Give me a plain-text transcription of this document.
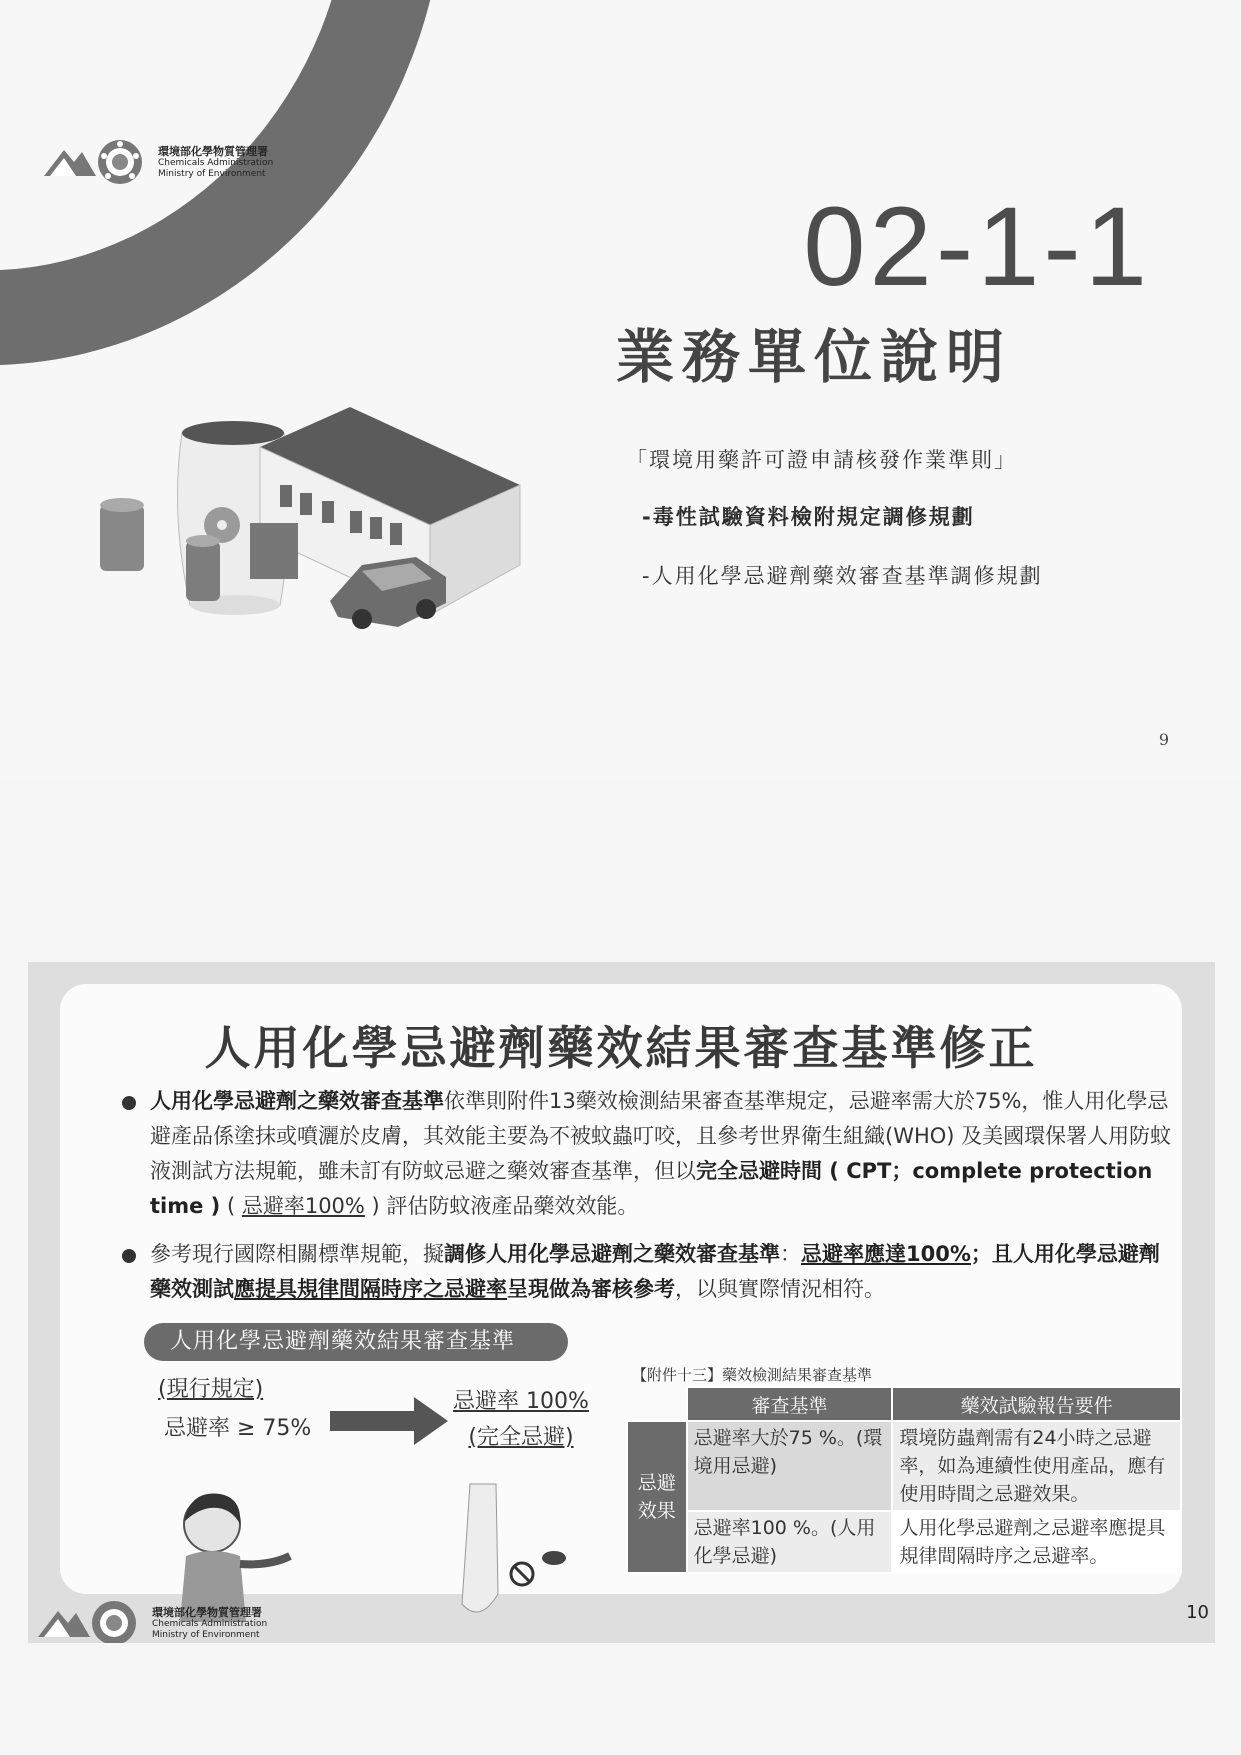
環境部化學物質管理署
Chemicals Administration
Ministry of Environment
02-1-1
業務單位說明
「環境用藥許可證申請核發作業準則」
-毒性試驗資料檢附規定調修規劃
-人用化學忌避劑藥效審查基準調修規劃
9
人用化學忌避劑藥效結果審查基準修正
人用化學忌避劑之藥效審查基準依準則附件13藥效檢測結果審查基準規定，忌避率需大於75%，惟人用化學忌避產品係塗抹或噴灑於皮膚，其效能主要為不被蚊蟲叮咬，且參考世界衛生組織(WHO) 及美國環保署人用防蚊液測試方法規範，雖未訂有防蚊忌避之藥效審查基準，但以完全忌避時間 ( CPT；complete protection time ) ( 忌避率100% ) 評估防蚊液產品藥效效能。
參考現行國際相關標準規範，擬調修人用化學忌避劑之藥效審查基準：忌避率應達100%；且人用化學忌避劑藥效測試應提具規律間隔時序之忌避率呈現做為審核參考，以與實際情況相符。
人用化學忌避劑藥效結果審查基準
(現行規定)
忌避率 ≥ 75%
忌避率 100%
(完全忌避)
【附件十三】藥效檢測結果審查基準
	審查基準	藥效試驗報告要件
忌避效果	忌避率大於75 %。(環境用忌避)	環境防蟲劑需有24小時之忌避率，如為連續性使用產品，應有使用時間之忌避效果。
	忌避率100 %。(人用化學忌避)	人用化學忌避劑之忌避率應提具規律間隔時序之忌避率。
環境部化學物質管理署
Chemicals Administration
Ministry of Environment
10
